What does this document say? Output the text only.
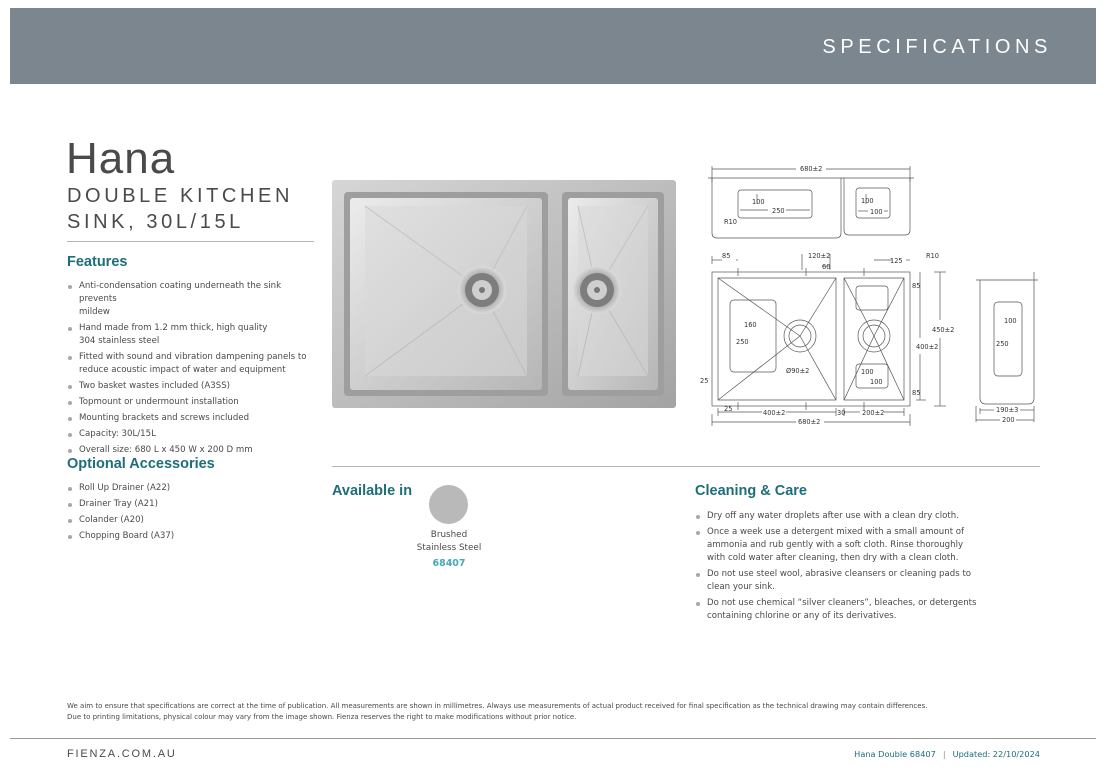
SPECIFICATIONS
Hana
DOUBLE KITCHEN
SINK, 30L/15L
Features
Anti-condensation coating underneath the sink prevents
mildew
Hand made from 1.2 mm thick, high quality
304 stainless steel
Fitted with sound and vibration dampening panels to
reduce acoustic impact of water and equipment
Two basket wastes included (A3SS)
Topmount or undermount installation
Mounting brackets and screws included
Capacity: 30L/15L
Overall size: 680 L x 450 W x 200 D mm
Optional Accessories
Roll Up Drainer (A22)
Drainer Tray (A21)
Colander (A20)
Chopping Board (A37)
680±2
100
250
100
100
R10
85	120±2
60
125
R10
85
160
250
450±2
400±2
Ø90±2	100
100
85
25
25	400±2	30	200±2
680±2
100
250
190±3
200
Available in
Brushed
Stainless Steel
68407
Cleaning & Care
Dry off any water droplets after use with a clean dry cloth.
Once a week use a detergent mixed with a small amount of
ammonia and rub gently with a soft cloth. Rinse thoroughly
with cold water after cleaning, then dry with a clean cloth.
Do not use steel wool, abrasive cleansers or cleaning pads to
clean your sink.
Do not use chemical “silver cleaners”, bleaches, or detergents
containing chlorine or any of its derivatives.
We aim to ensure that specifications are correct at the time of publication. All measurements are shown in millimetres. Always use measurements of actual product received for final specification as the technical drawing may contain differences.
Due to printing limitations, physical colour may vary from the image shown. Fienza reserves the right to make modifications without prior notice.
FIENZA.COM.AU	Hana Double 68407 | Updated: 22/10/2024
